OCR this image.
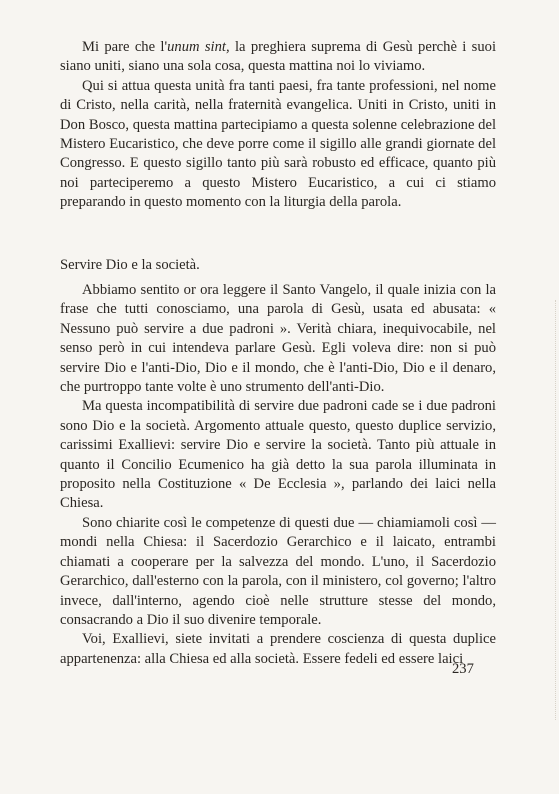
Mi pare che l'unum sint, la preghiera suprema di Gesù perchè i suoi siano uniti, siano una sola cosa, questa mattina noi lo viviamo.

Qui si attua questa unità fra tanti paesi, fra tante professioni, nel nome di Cristo, nella carità, nella fraternità evangelica. Uniti in Cristo, uniti in Don Bosco, questa mattina partecipiamo a questa solenne celebrazione del Mistero Eucaristico, che deve porre come il sigillo alle grandi giornate del Congresso. E questo sigillo tanto più sarà robusto ed efficace, quanto più noi parteciperemo a questo Mistero Eucaristico, a cui ci stiamo preparando in questo momento con la liturgia della parola.

Servire Dio e la società.

Abbiamo sentito or ora leggere il Santo Vangelo, il quale inizia con la frase che tutti conosciamo, una parola di Gesù, usata ed abusata: « Nessuno può servire a due padroni ». Verità chiara, inequivocabile, nel senso però in cui intendeva parlare Gesù. Egli voleva dire: non si può servire Dio e l'anti-Dio, Dio e il mondo, che è l'anti-Dio, Dio e il denaro, che purtroppo tante volte è uno strumento dell'anti-Dio.

Ma questa incompatibilità di servire due padroni cade se i due padroni sono Dio e la società. Argomento attuale questo, questo duplice servizio, carissimi Exallievi: servire Dio e servire la società. Tanto più attuale in quanto il Concilio Ecumenico ha già detto la sua parola illuminata in proposito nella Costituzione « De Ecclesia », parlando dei laici nella Chiesa.

Sono chiarite così le competenze di questi due — chiamiamoli così — mondi nella Chiesa: il Sacerdozio Gerarchico e il laicato, entrambi chiamati a cooperare per la salvezza del mondo. L'uno, il Sacerdozio Gerarchico, dall'esterno con la parola, con il ministero, col governo; l'altro invece, dall'interno, agendo cioè nelle strutture stesse del mondo, consacrando a Dio il suo divenire temporale.

Voi, Exallievi, siete invitati a prendere coscienza di questa duplice appartenenza: alla Chiesa ed alla società. Essere fedeli ed essere laici

237
